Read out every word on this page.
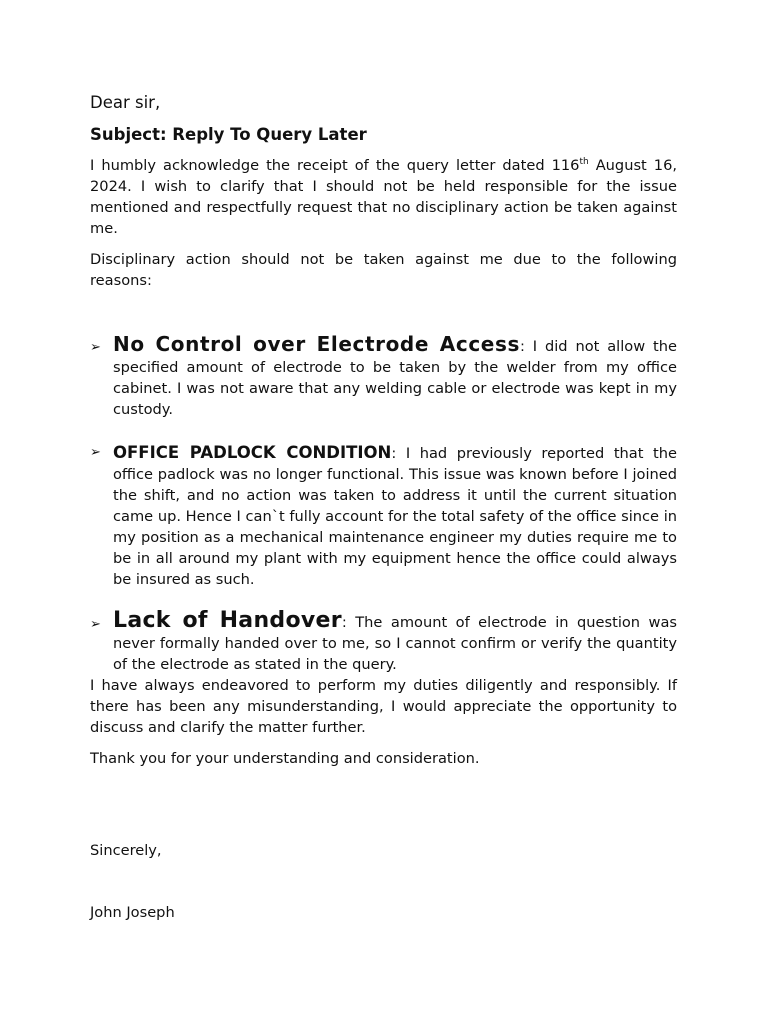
Dear sir,
Subject: Reply To Query Later

I humbly acknowledge the receipt of the query letter dated 116th August 16, 2024. I wish to clarify that I should not be held responsible for the issue mentioned and respectfully request that no disciplinary action be taken against me.

Disciplinary action should not be taken against me due to the following reasons:

➢ No Control over Electrode Access: I did not allow the specified amount of electrode to be taken by the welder from my office cabinet. I was not aware that any welding cable or electrode was kept in my custody.
➢ OFFICE PADLOCK CONDITION: I had previously reported that the office padlock was no longer functional. This issue was known before I joined the shift, and no action was taken to address it until the current situation came up. Hence I can`t fully account for the total safety of the office since in my position as a mechanical maintenance engineer my duties require me to be in all around my plant with my equipment hence the office could always be insured as such.
➢ Lack of Handover: The amount of electrode in question was never formally handed over to me, so I cannot confirm or verify the quantity of the electrode as stated in the query.

I have always endeavored to perform my duties diligently and responsibly. If there has been any misunderstanding, I would appreciate the opportunity to discuss and clarify the matter further.

Thank you for your understanding and consideration.

Sincerely,

John Joseph
